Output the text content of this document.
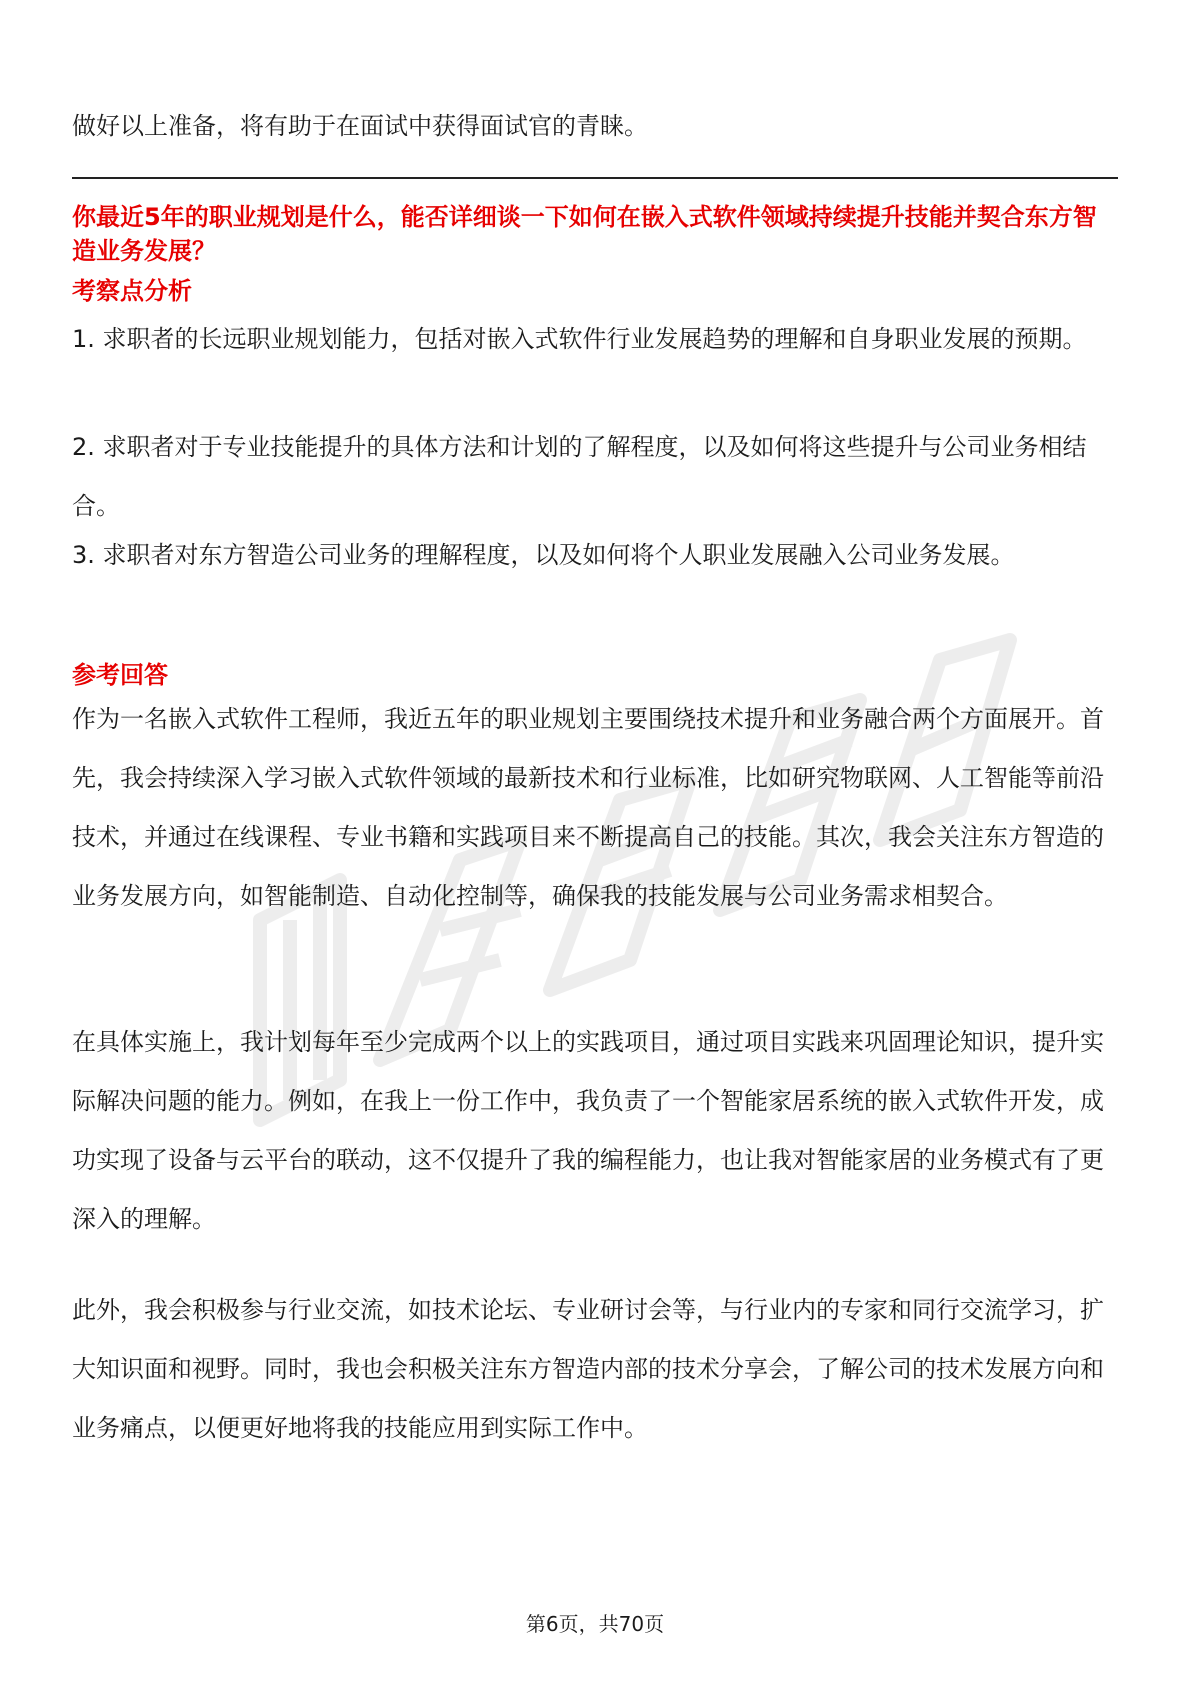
做好以上准备，将有助于在面试中获得面试官的青睐。

你最近5年的职业规划是什么，能否详细谈一下如何在嵌入式软件领域持续提升技能并契合东方智造业务发展？

考察点分析

1. 求职者的长远职业规划能力，包括对嵌入式软件行业发展趋势的理解和自身职业发展的预期。

2. 求职者对于专业技能提升的具体方法和计划的了解程度，以及如何将这些提升与公司业务相结合。

3. 求职者对东方智造公司业务的理解程度，以及如何将个人职业发展融入公司业务发展。

参考回答

作为一名嵌入式软件工程师，我近五年的职业规划主要围绕技术提升和业务融合两个方面展开。首先，我会持续深入学习嵌入式软件领域的最新技术和行业标准，比如研究物联网、人工智能等前沿技术，并通过在线课程、专业书籍和实践项目来不断提高自己的技能。其次，我会关注东方智造的业务发展方向，如智能制造、自动化控制等，确保我的技能发展与公司业务需求相契合。

在具体实施上，我计划每年至少完成两个以上的实践项目，通过项目实践来巩固理论知识，提升实际解决问题的能力。例如，在我上一份工作中，我负责了一个智能家居系统的嵌入式软件开发，成功实现了设备与云平台的联动，这不仅提升了我的编程能力，也让我对智能家居的业务模式有了更深入的理解。

此外，我会积极参与行业交流，如技术论坛、专业研讨会等，与行业内的专家和同行交流学习，扩大知识面和视野。同时，我也会积极关注东方智造内部的技术分享会，了解公司的技术发展方向和业务痛点，以便更好地将我的技能应用到实际工作中。

第6页，共70页
